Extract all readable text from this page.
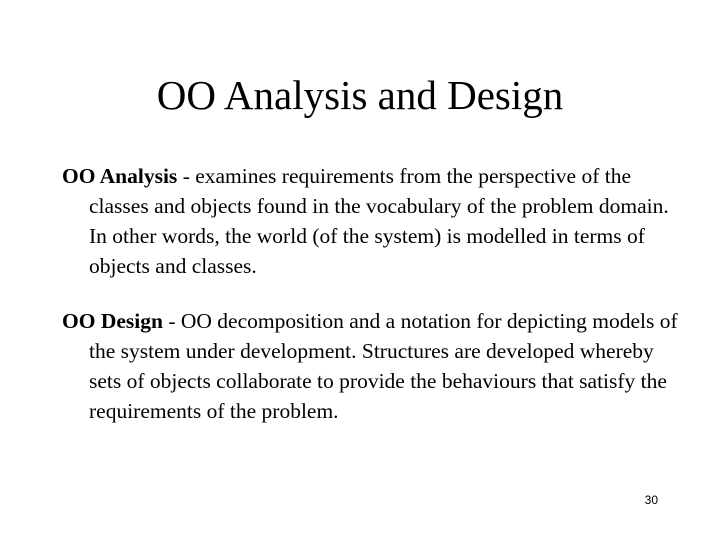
OO Analysis and Design

OO Analysis - examines requirements from the perspective of the classes and objects found in the vocabulary of the problem domain. In other words, the world (of the system) is modelled in terms of objects and classes.

OO Design - OO decomposition and a notation for depicting models of the system under development. Structures are developed whereby sets of objects collaborate to provide the behaviours that satisfy the requirements of the problem.

30
